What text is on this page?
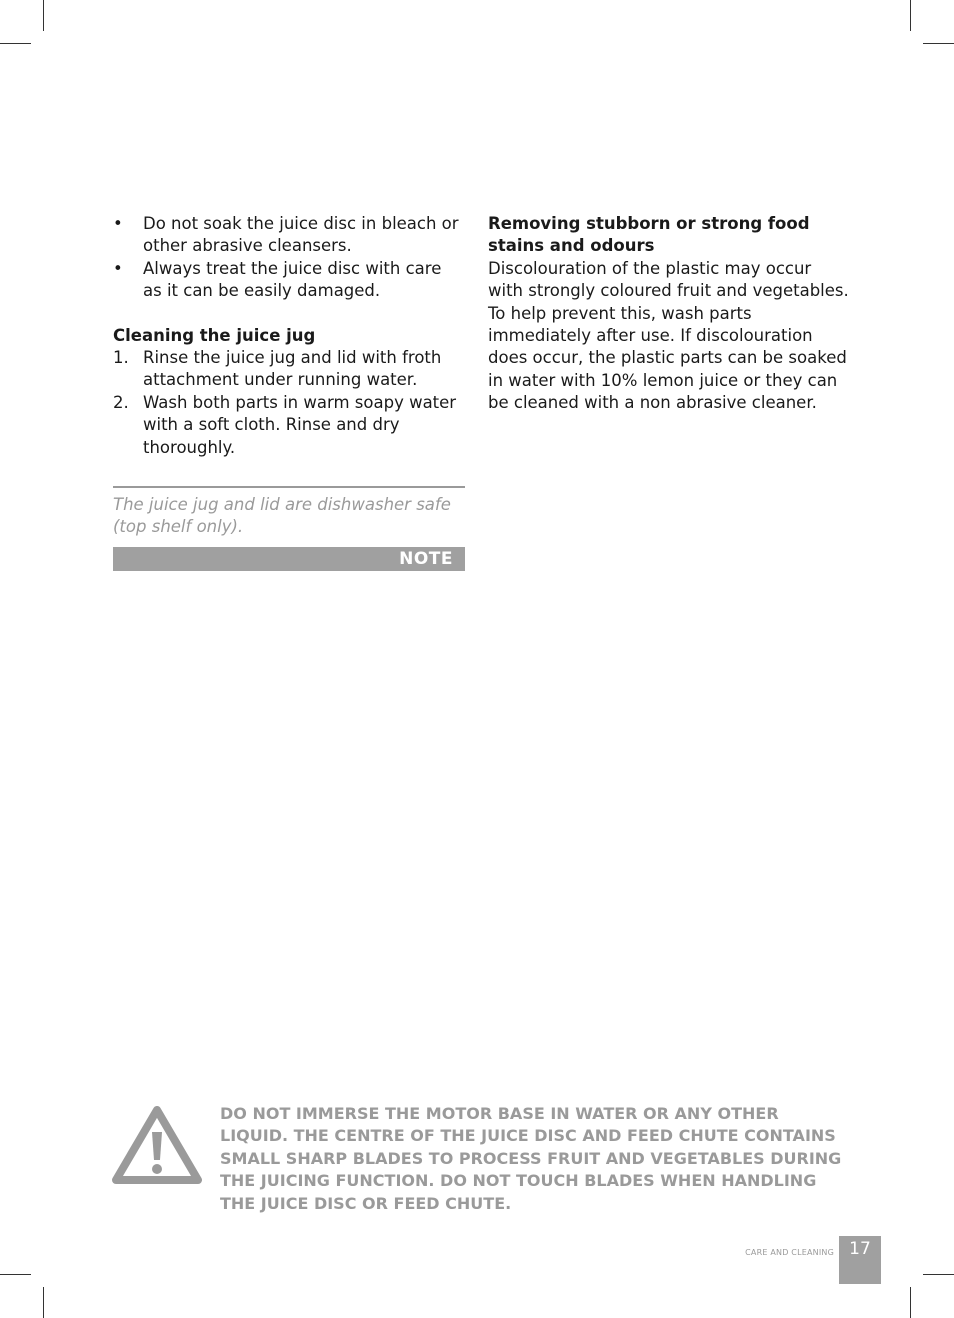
• Do not soak the juice disc in bleach or other abrasive cleansers.
• Always treat the juice disc with care as it can be easily damaged.

Cleaning the juice jug

1. Rinse the juice jug and lid with froth attachment under running water.
2. Wash both parts in warm soapy water with a soft cloth. Rinse and dry thoroughly.
The juice jug and lid are dishwasher safe (top shelf only).
NOTE

Removing stubborn or strong food stains and odours

Discolouration of the plastic may occur with strongly coloured fruit and vegetables. To help prevent this, wash parts immediately after use. If discolouration does occur, the plastic parts can be soaked in water with 10% lemon juice or they can be cleaned with a non abrasive cleaner.

DO NOT IMMERSE THE MOTOR BASE IN WATER OR ANY OTHER LIQUID. THE CENTRE OF THE JUICE DISC AND FEED CHUTE CONTAINS SMALL SHARP BLADES TO PROCESS FRUIT AND VEGETABLES DURING THE JUICING FUNCTION. DO NOT TOUCH BLADES WHEN HANDLING THE JUICE DISC OR FEED CHUTE.
CARE AND CLEANING 17
